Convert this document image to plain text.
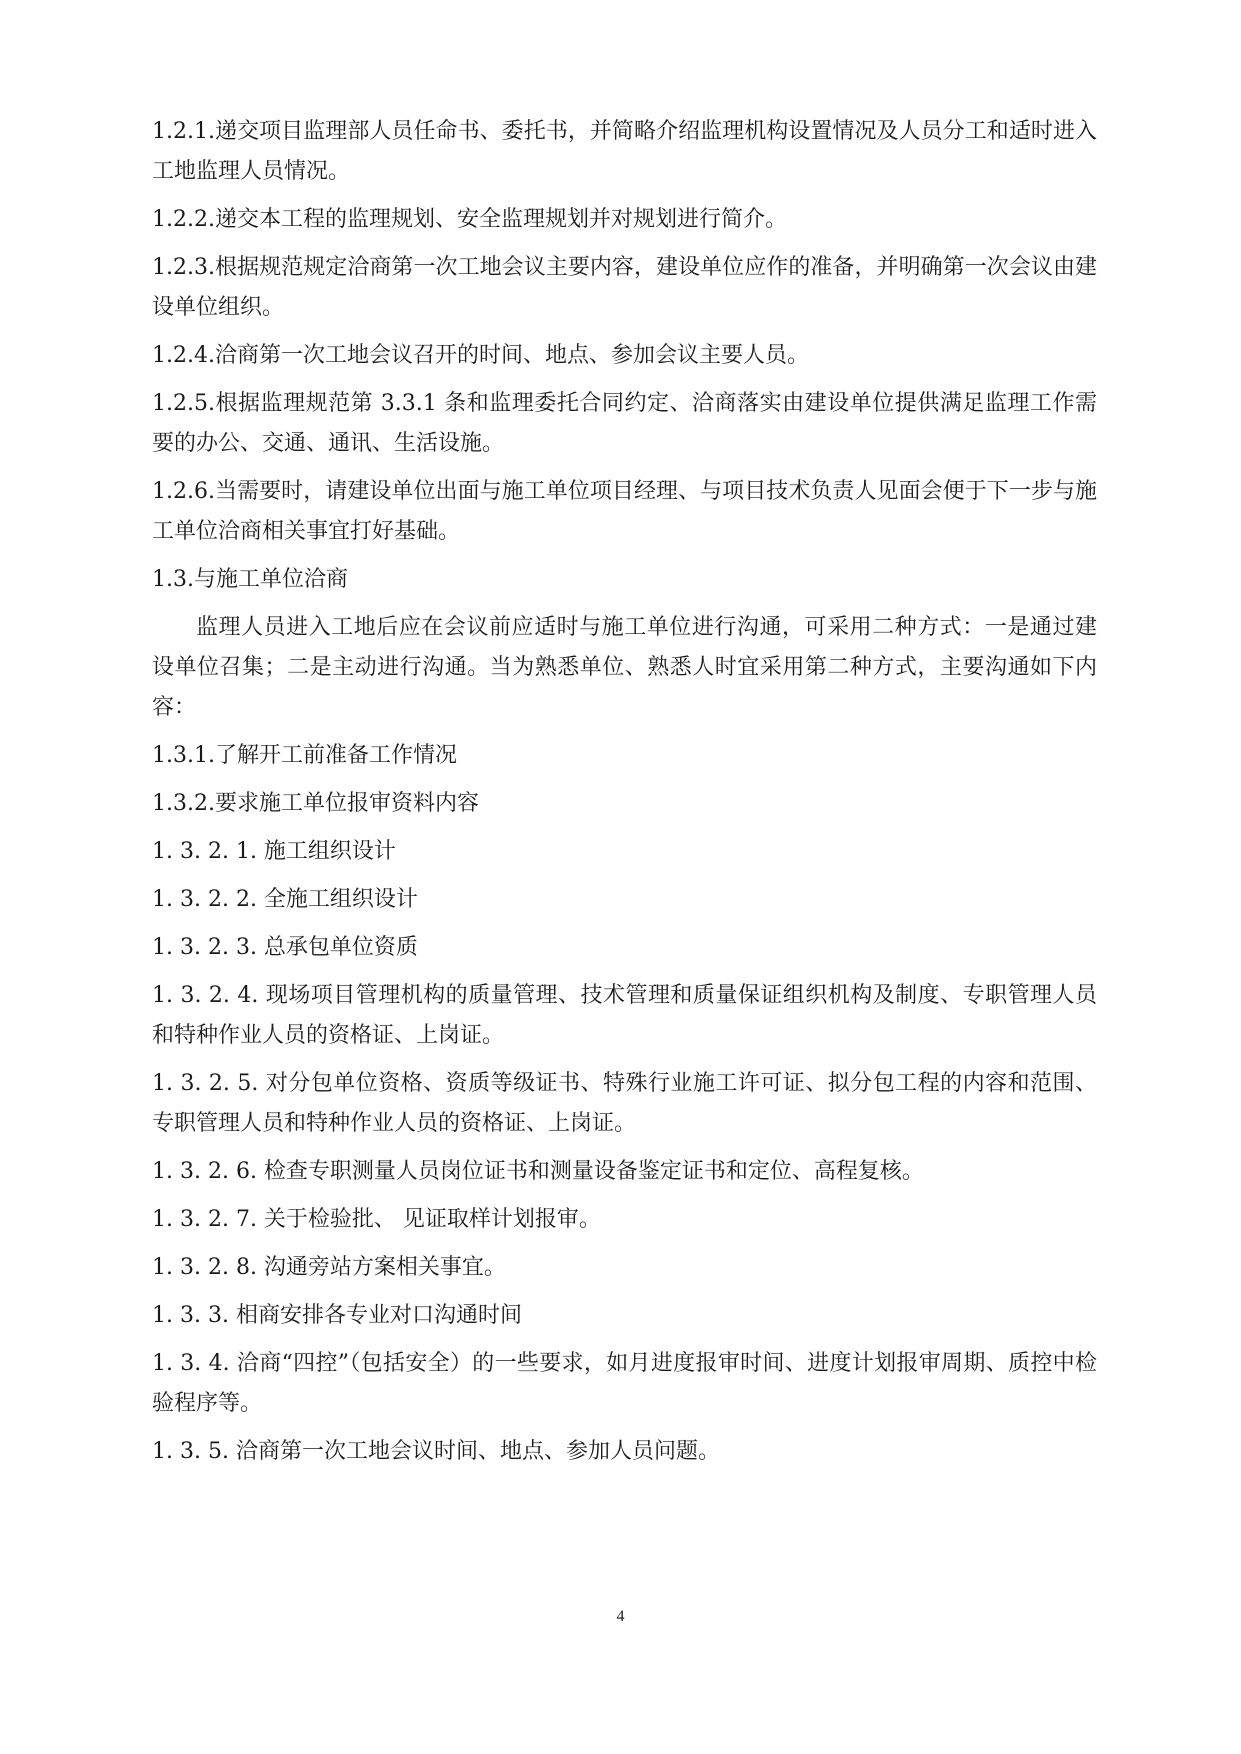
1.2.1.递交项目监理部人员任命书、委托书，并简略介绍监理机构设置情况及人员分工和适时进入工地监理人员情况。

1.2.2.递交本工程的监理规划、安全监理规划并对规划进行简介。

1.2.3.根据规范规定洽商第一次工地会议主要内容，建设单位应作的准备，并明确第一次会议由建设单位组织。

1.2.4.洽商第一次工地会议召开的时间、地点、参加会议主要人员。

1.2.5.根据监理规范第 3.3.1 条和监理委托合同约定、洽商落实由建设单位提供满足监理工作需要的办公、交通、通讯、生活设施。

1.2.6.当需要时，请建设单位出面与施工单位项目经理、与项目技术负责人见面会便于下一步与施工单位洽商相关事宜打好基础。

1.3.与施工单位洽商

监理人员进入工地后应在会议前应适时与施工单位进行沟通，可采用二种方式：一是通过建设单位召集；二是主动进行沟通。当为熟悉单位、熟悉人时宜采用第二种方式，主要沟通如下内容：

1.3.1.了解开工前准备工作情况

1.3.2.要求施工单位报审资料内容

1. 3. 2. 1. 施工组织设计

1. 3. 2. 2. 全施工组织设计

1. 3. 2. 3. 总承包单位资质

1. 3. 2. 4. 现场项目管理机构的质量管理、技术管理和质量保证组织机构及制度、专职管理人员和特种作业人员的资格证、上岗证。

1. 3. 2. 5. 对分包单位资格、资质等级证书、特殊行业施工许可证、拟分包工程的内容和范围、专职管理人员和特种作业人员的资格证、上岗证。

1. 3. 2. 6. 检查专职测量人员岗位证书和测量设备鉴定证书和定位、高程复核。

1. 3. 2. 7. 关于检验批、 见证取样计划报审。

1. 3. 2. 8. 沟通旁站方案相关事宜。

1. 3. 3. 相商安排各专业对口沟通时间

1. 3. 4. 洽商“四控”（包括安全）的一些要求，如月进度报审时间、进度计划报审周期、质控中检验程序等。

1. 3. 5. 洽商第一次工地会议时间、地点、参加人员问题。

4
